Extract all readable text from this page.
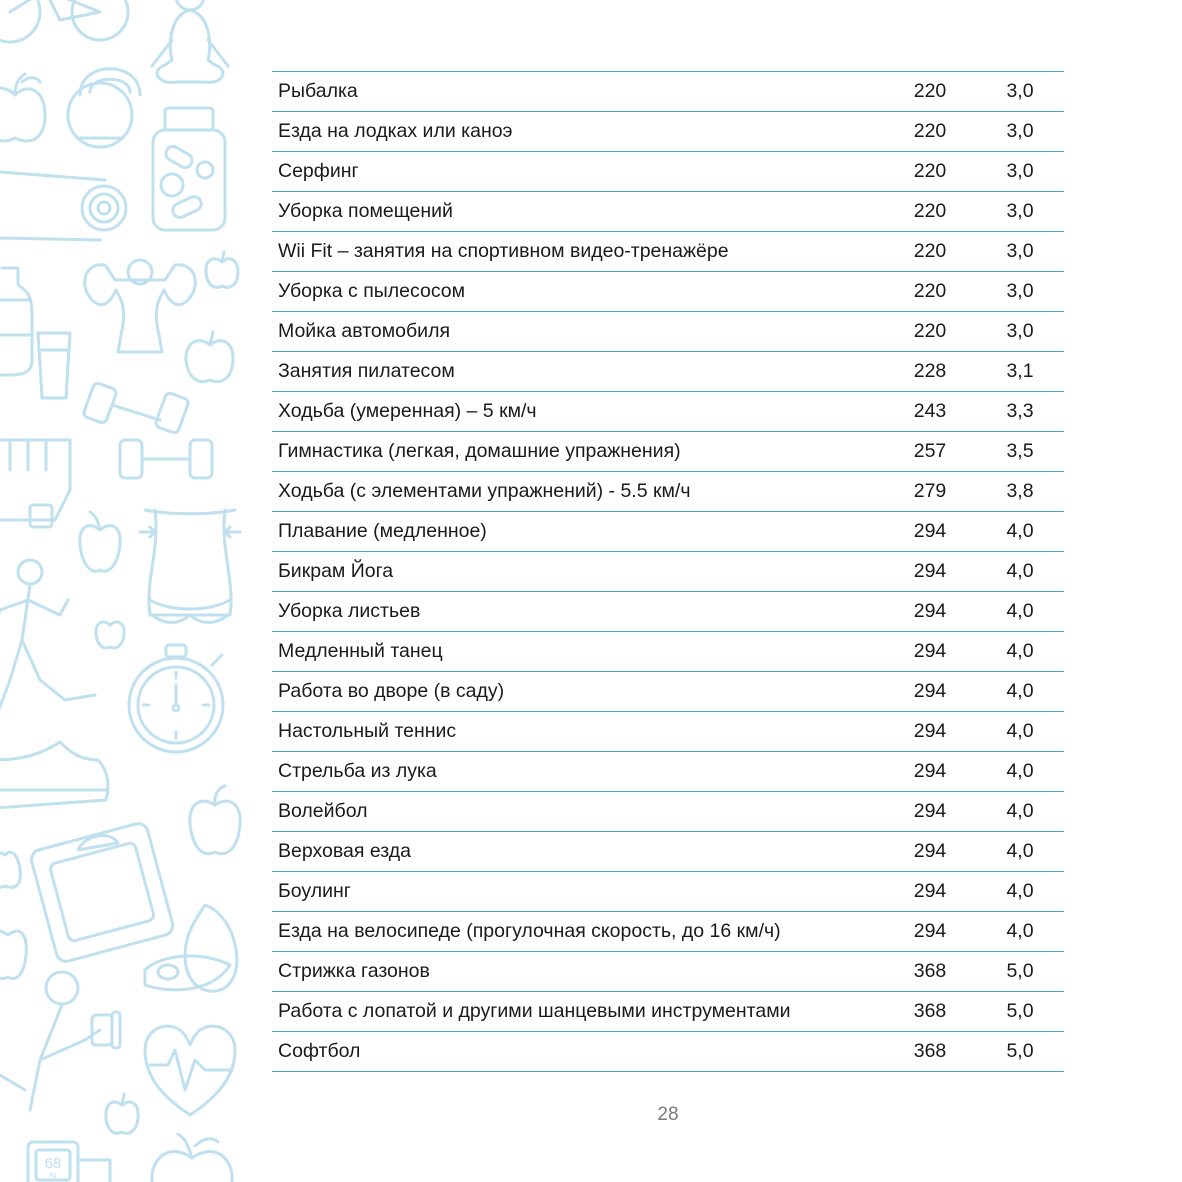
68
kg
Рыбалка	220	3,0
Езда на лодках или каноэ	220	3,0
Серфинг	220	3,0
Уборка помещений	220	3,0
Wii Fit – занятия на спортивном видео-тренажёре	220	3,0
Уборка с пылесосом	220	3,0
Мойка автомобиля	220	3,0
Занятия пилатесом	228	3,1
Ходьба (умеренная) – 5 км/ч	243	3,3
Гимнастика (легкая, домашние упражнения)	257	3,5
Ходьба (с элементами упражнений) - 5.5 км/ч	279	3,8
Плавание (медленное)	294	4,0
Бикрам Йога	294	4,0
Уборка листьев	294	4,0
Медленный танец	294	4,0
Работа во дворе (в саду)	294	4,0
Настольный теннис	294	4,0
Стрельба из лука	294	4,0
Волейбол	294	4,0
Верховая езда	294	4,0
Боулинг	294	4,0
Езда на велосипеде (прогулочная скорость, до 16 км/ч)	294	4,0
Стрижка газонов	368	5,0
Работа с лопатой и другими шанцевыми инструментами	368	5,0
Софтбол	368	5,0
28
